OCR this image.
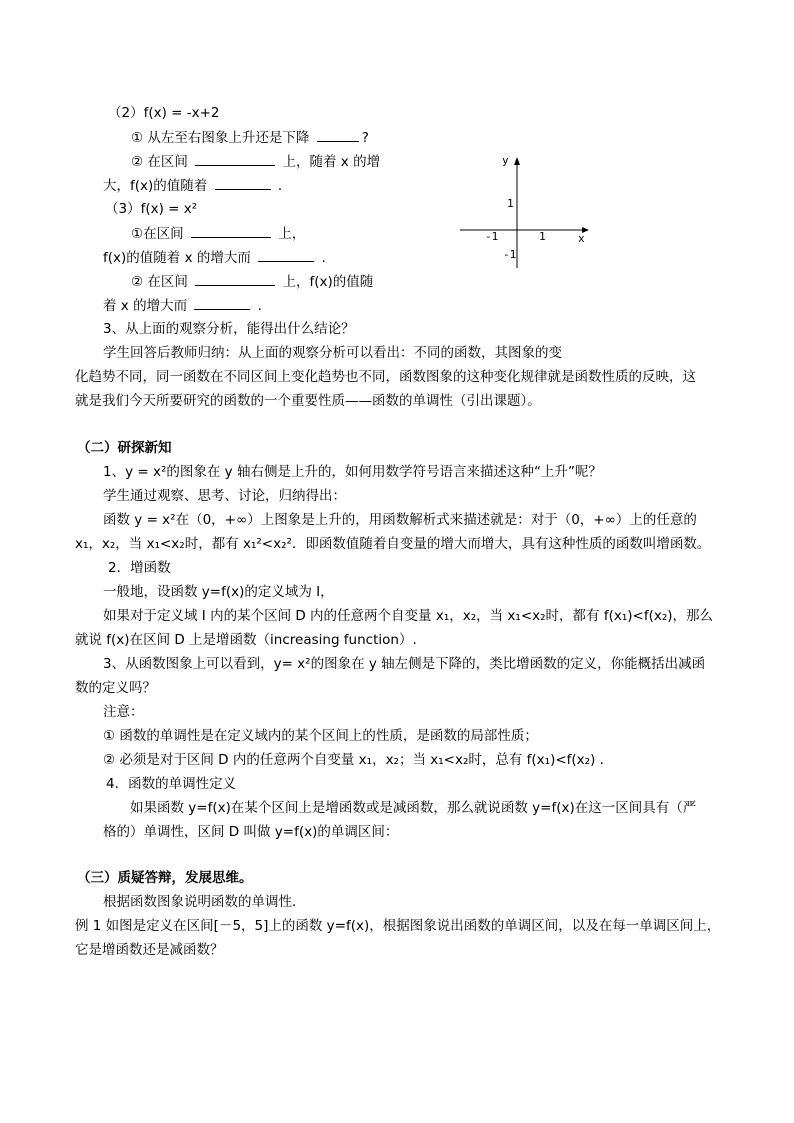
（2）f(x) = -x+2
① 从左至右图象上升还是下降	?
② 在区间	上，随着 x 的增
大，f(x)的值随着	.
（3）f(x) = x²
①在区间	上，
f(x)的值随着 x 的增大而	.
② 在区间	上，f(x)的值随
着 x 的增大而	.
y
x
1
-1
-1	1
3、从上面的观察分析，能得出什么结论？
学生回答后教师归纳：从上面的观察分析可以看出：不同的函数，其图象的变
化趋势不同，同一函数在不同区间上变化趋势也不同，函数图象的这种变化规律就是函数性质的反映，这
就是我们今天所要研究的函数的一个重要性质——函数的单调性（引出课题）。
（二）研探新知
1、y = x²的图象在 y 轴右侧是上升的，如何用数学符号语言来描述这种“上升”呢？
学生通过观察、思考、讨论，归纳得出：
函数 y = x²在（0，+∞）上图象是上升的，用函数解析式来描述就是：对于（0，+∞）上的任意的
x₁，x₂，当 x₁<x₂时，都有 x₁²<x₂²．即函数值随着自变量的增大而增大，具有这种性质的函数叫增函数。
2．增函数
一般地，设函数 y=f(x)的定义域为 I，
如果对于定义域 I 内的某个区间 D 内的任意两个自变量 x₁，x₂，当 x₁<x₂时，都有 f(x₁)<f(x₂)，那么
就说 f(x)在区间 D 上是增函数（increasing function）.
3、从函数图象上可以看到，y= x²的图象在 y 轴左侧是下降的，类比增函数的定义，你能概括出减函
数的定义吗？
注意：
① 函数的单调性是在定义域内的某个区间上的性质，是函数的局部性质；
② 必须是对于区间 D 内的任意两个自变量 x₁，x₂；当 x₁<x₂时，总有 f(x₁)<f(x₂) ．
4．函数的单调性定义
如果函数 y=f(x)在某个区间上是增函数或是减函数，那么就说函数 y=f(x)在这一区间具有（严
格的）单调性，区间 D 叫做 y=f(x)的单调区间：
（三）质疑答辩，发展思维。
根据函数图象说明函数的单调性．
例 1 如图是定义在区间[－5，5]上的函数 y=f(x)，根据图象说出函数的单调区间，以及在每一单调区间上，
它是增函数还是减函数？
